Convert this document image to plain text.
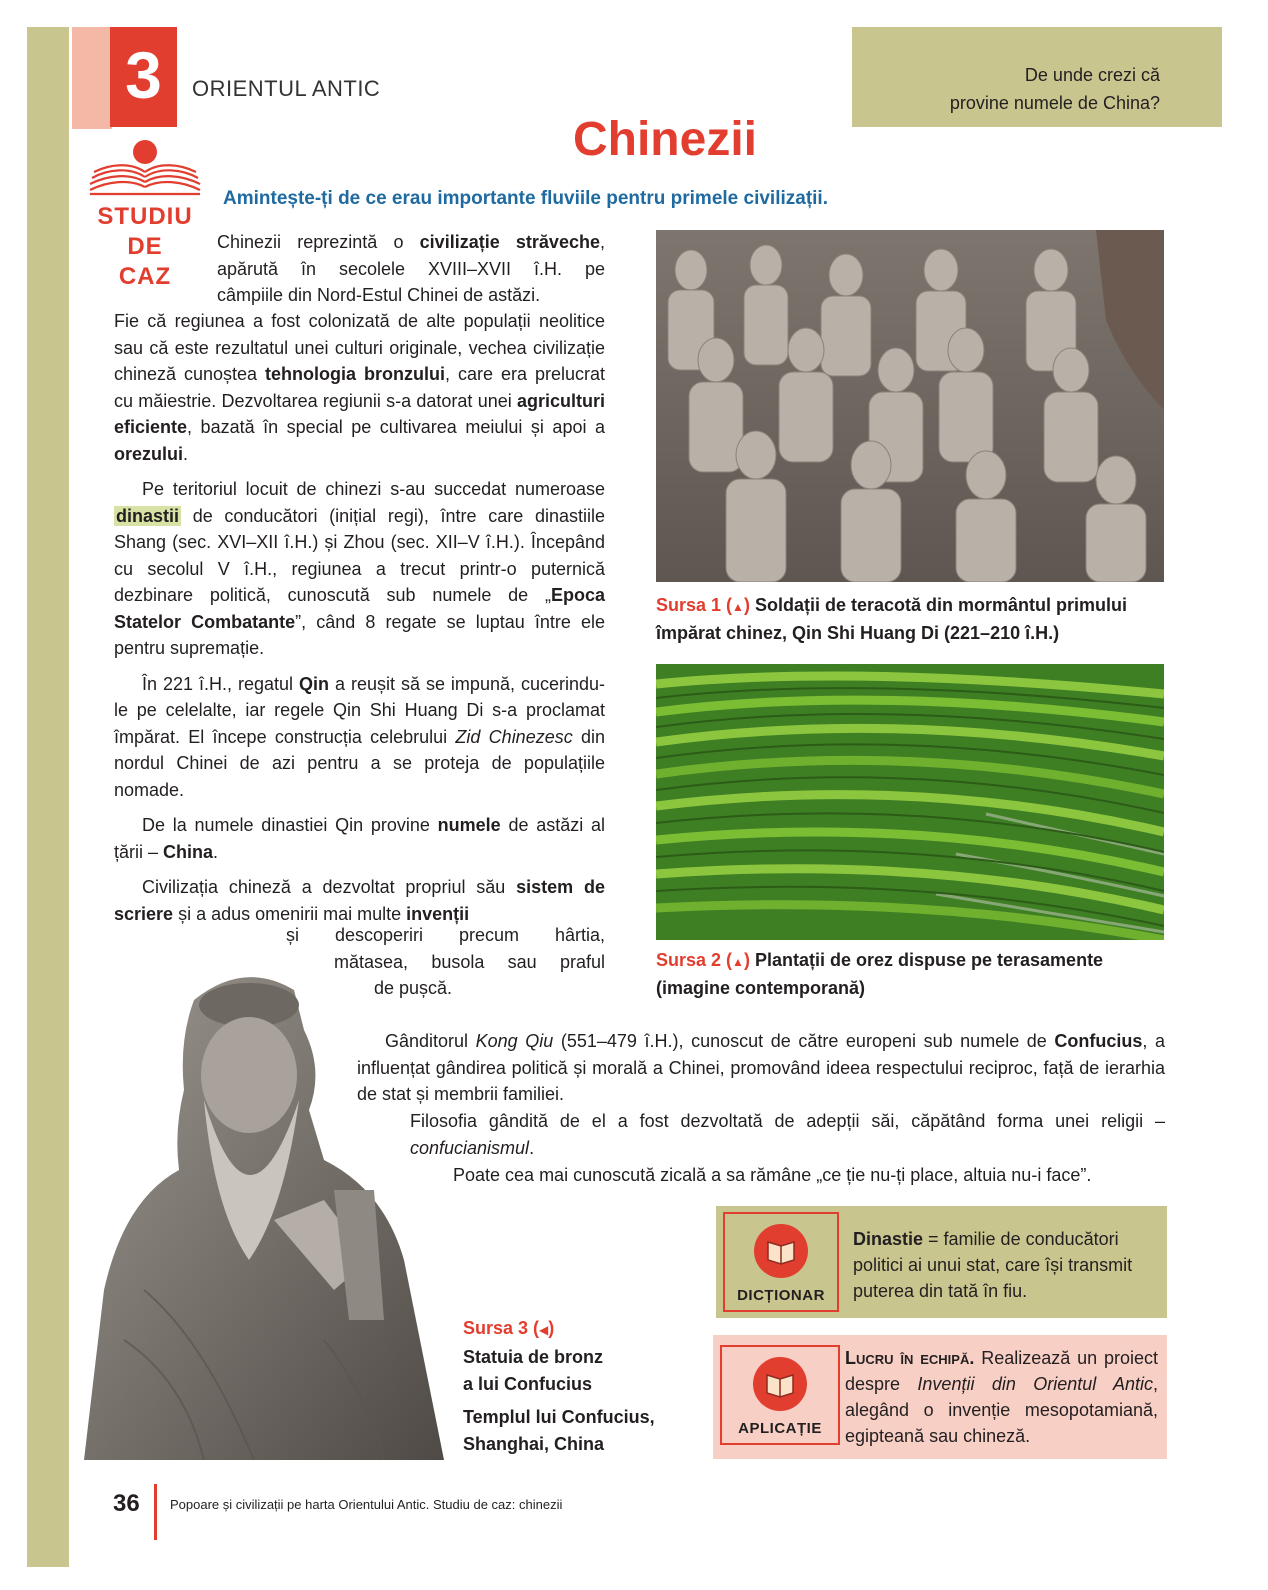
3	ORIENTUL ANTIC
De unde crezi că
provine numele de China?
Chinezii
STUDIU
DE
CAZ
Amintește-ți de ce erau importante fluviile pentru primele civilizații.
Chinezii reprezintă o civilizație străveche,
apărută în secolele XVIII–XVII î.H. pe
câmpiile din Nord-Estul Chinei de astăzi.

Fie că regiunea a fost colonizată de alte populații neolitice sau că este rezultatul unei culturi originale, vechea civilizație chineză cunoștea tehnologia bronzului, care era prelucrat cu măiestrie. Dezvoltarea regiunii s-a datorat unei agriculturi eficiente, bazată în special pe cultivarea meiului și apoi a orezului.

Pe teritoriul locuit de chinezi s-au succedat numeroase dinastii de conducători (inițial regi), între care dinastiile Shang (sec. XVI–XII î.H.) și Zhou (sec. XII–V î.H.). Începând cu secolul V î.H., regiunea a trecut printr-o puternică dezbinare politică, cunoscută sub numele de „Epoca Statelor Combatante”, când 8 regate se luptau între ele pentru supremație.

În 221 î.H., regatul Qin a reușit să se impună, cucerindu-le pe celelalte, iar regele Qin Shi Huang Di s-a proclamat împărat. El începe construcția celebrului Zid Chinezesc din nordul Chinei de azi pentru a se proteja de populațiile nomade.

De la numele dinastiei Qin provine numele de astăzi al țării – China.

Civilizația chineză a dezvoltat propriul său sistem de scriere și a adus omenirii mai multe invenții

și descoperiri precum hârtia,
mătasea, busola sau praful
de pușcă.
Sursa 1 (▲) Soldații de teracotă din mormântul primului împărat chinez, Qin Shi Huang Di (221–210 î.H.)
Sursa 2 (▲) Plantații de orez dispuse pe terasamente (imagine contemporană)

Gânditorul Kong Qiu (551–479 î.H.), cunoscut de către europeni sub numele de Confucius, a influențat gândirea politică și morală a Chinei, promovând ideea respectului reciproc, față de ierarhia de stat și membrii familiei.

Filosofia gândită de el a fost dezvoltată de adepții săi, căpătând forma unei religii – confucianismul.

Poate cea mai cunoscută zicală a sa rămâne „ce ție nu-ți place, altuia nu-i face”.

Sursa 3 (◀)
Statuia de bronz
a lui Confucius
Templul lui Confucius,
Shanghai, China
DICȚIONAR
Dinastie = familie de conducători politici ai unui stat, care își transmit puterea din tată în fiu.
APLICAȚIE
Lucru în echipă. Realizează un proiect despre Invenții din Orientul Antic, alegând o invenție mesopotamiană, egipteană sau chineză.
36 Popoare și civilizații pe harta Orientului Antic. Studiu de caz: chinezii
